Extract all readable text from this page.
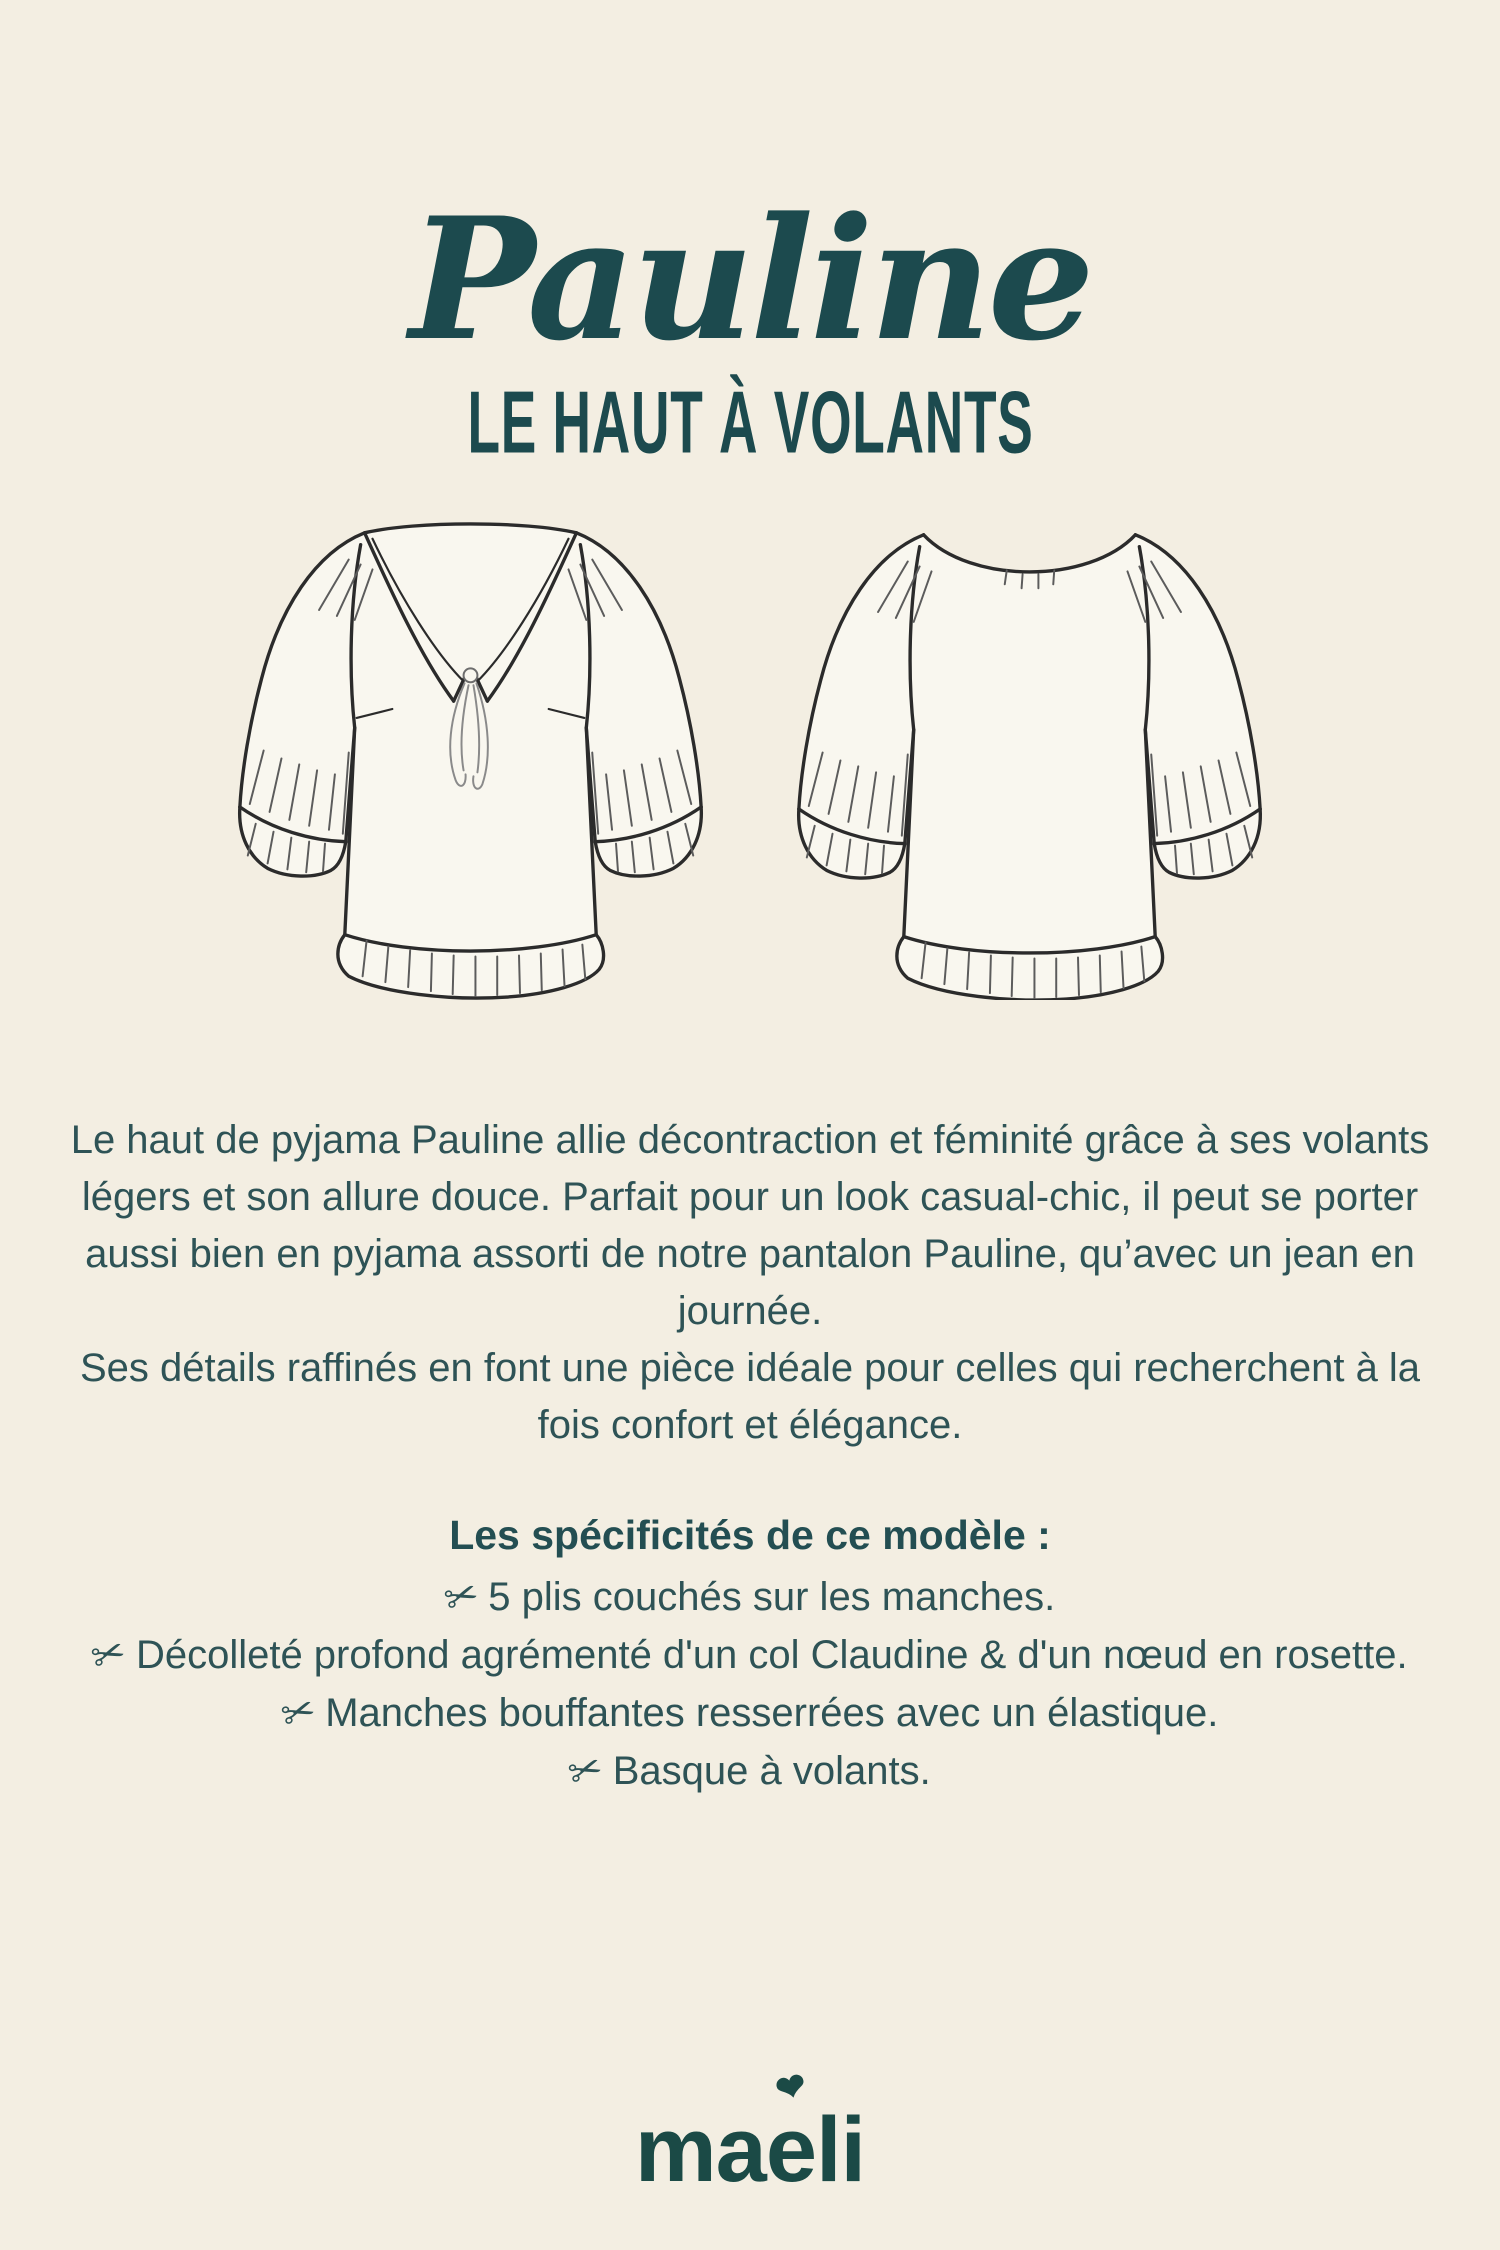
Pauline
LE HAUT À VOLANTS

Le haut de pyjama Pauline allie décontraction et féminité grâce à ses volants légers et son allure douce. Parfait pour un look casual-chic, il peut se porter aussi bien en pyjama assorti de notre pantalon Pauline, qu’avec un jean en journée.

Ses détails raffinés en font une pièce idéale pour celles qui recherchent à la fois confort et élégance.

Les spécificités de ce modèle :
✂ 5 plis couchés sur les manches.
✂ Décolleté profond agrémenté d'un col Claudine & d'un nœud en rosette.
✂ Manches bouffantes resserrées avec un élastique.
✂ Basque à volants.
ma
❤
eli
